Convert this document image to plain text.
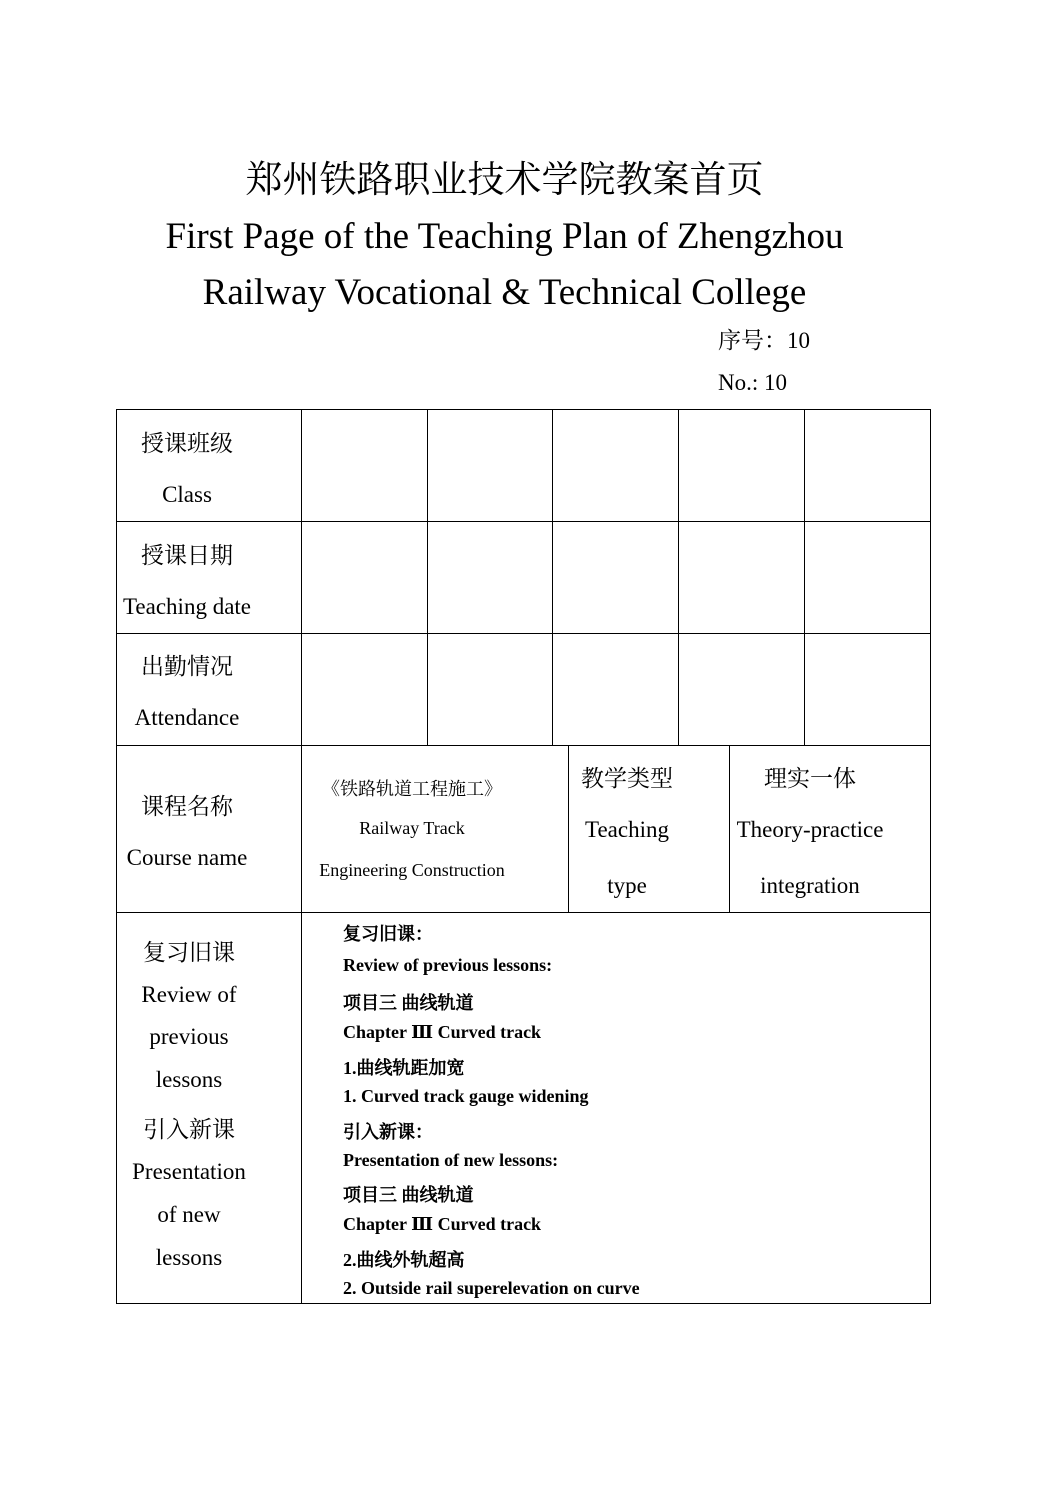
郑州铁路职业技术学院教案首页
First Page of the Teaching Plan of Zhengzhou
Railway Vocational & Technical College
序号：10
No.: 10
授课班级
Class
授课日期
Teaching date
出勤情况
Attendance
课程名称
Course name
《铁路轨道工程施工》
Railway Track
Engineering Construction
教学类型
Teaching
type
理实一体
Theory-practice
integration
复习旧课
Review of
previous
lessons
引入新课
Presentation
of new
lessons
复习旧课：
Review of previous lessons:
项目三 曲线轨道
Chapter Ⅲ Curved track
1.曲线轨距加宽
1. Curved track gauge widening
引入新课：
Presentation of new lessons:
项目三 曲线轨道
Chapter Ⅲ Curved track
2.曲线外轨超高
2. Outside rail superelevation on curve
